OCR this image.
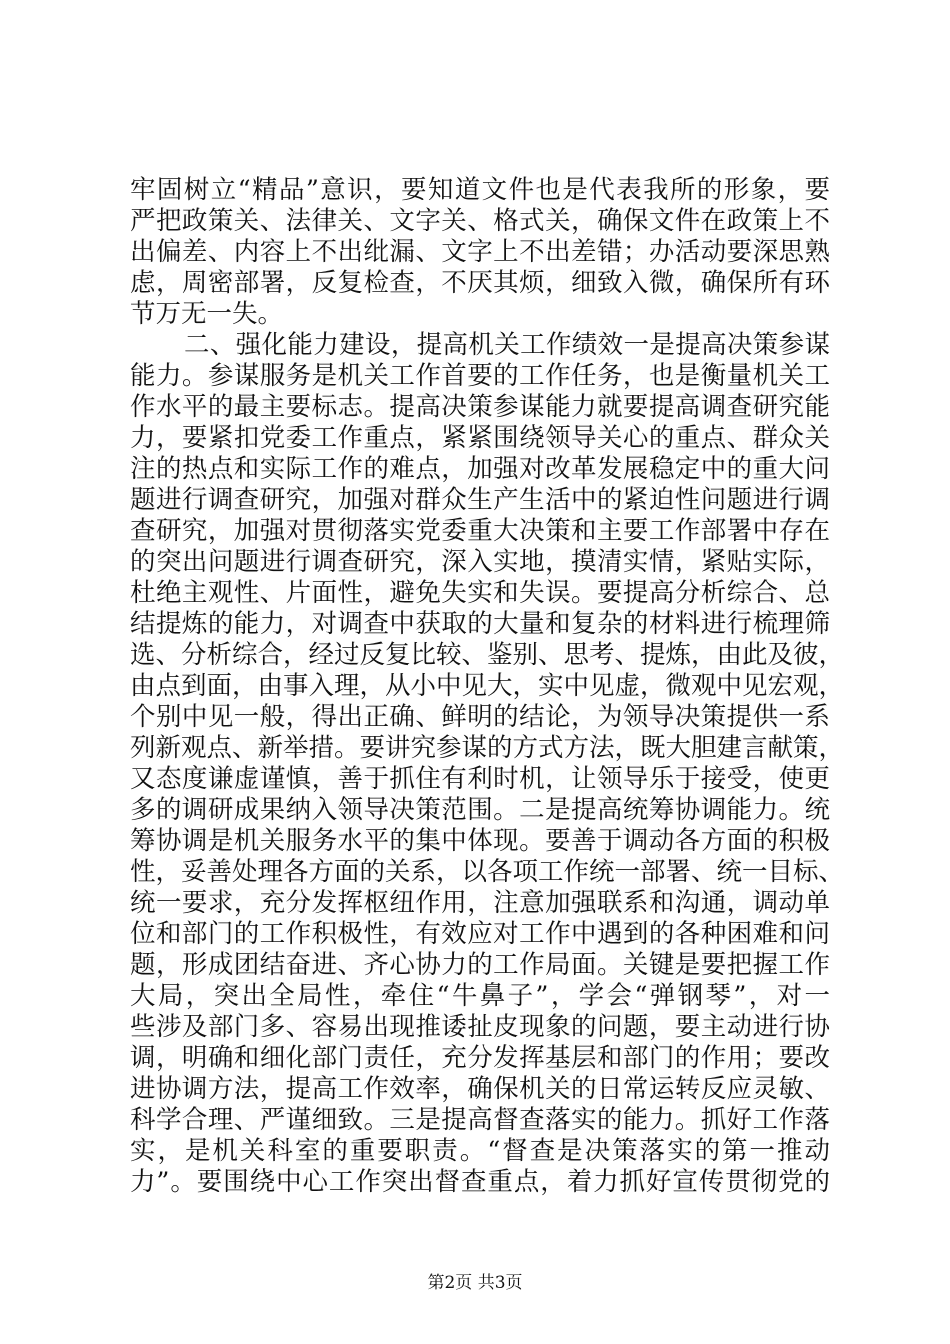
牢固树立“精品”意识，要知道文件也是代表我所的形象，要
严把政策关、法律关、文字关、格式关，确保文件在政策上不
出偏差、内容上不出纰漏、文字上不出差错；办活动要深思熟
虑，周密部署，反复检查，不厌其烦，细致入微，确保所有环
节万无一失。
二、强化能力建设，提高机关工作绩效一是提高决策参谋
能力。参谋服务是机关工作首要的工作任务，也是衡量机关工
作水平的最主要标志。提高决策参谋能力就要提高调查研究能
力，要紧扣党委工作重点，紧紧围绕领导关心的重点、群众关
注的热点和实际工作的难点，加强对改革发展稳定中的重大问
题进行调查研究，加强对群众生产生活中的紧迫性问题进行调
查研究，加强对贯彻落实党委重大决策和主要工作部署中存在
的突出问题进行调查研究，深入实地，摸清实情，紧贴实际，
杜绝主观性、片面性，避免失实和失误。要提高分析综合、总
结提炼的能力，对调查中获取的大量和复杂的材料进行梳理筛
选、分析综合，经过反复比较、鉴别、思考、提炼，由此及彼，
由点到面，由事入理，从小中见大，实中见虚，微观中见宏观，
个别中见一般，得出正确、鲜明的结论，为领导决策提供一系
列新观点、新举措。要讲究参谋的方式方法，既大胆建言献策，
又态度谦虚谨慎，善于抓住有利时机，让领导乐于接受，使更
多的调研成果纳入领导决策范围。二是提高统筹协调能力。统
筹协调是机关服务水平的集中体现。要善于调动各方面的积极
性，妥善处理各方面的关系，以各项工作统一部署、统一目标、
统一要求，充分发挥枢纽作用，注意加强联系和沟通，调动单
位和部门的工作积极性，有效应对工作中遇到的各种困难和问
题，形成团结奋进、齐心协力的工作局面。关键是要把握工作
大局，突出全局性，牵住“牛鼻子”，学会“弹钢琴”，对一
些涉及部门多、容易出现推诿扯皮现象的问题，要主动进行协
调，明确和细化部门责任，充分发挥基层和部门的作用；要改
进协调方法，提高工作效率，确保机关的日常运转反应灵敏、
科学合理、严谨细致。三是提高督查落实的能力。抓好工作落
实，是机关科室的重要职责。“督查是决策落实的第一推动
力”。要围绕中心工作突出督查重点，着力抓好宣传贯彻党的
第2页 共3页
